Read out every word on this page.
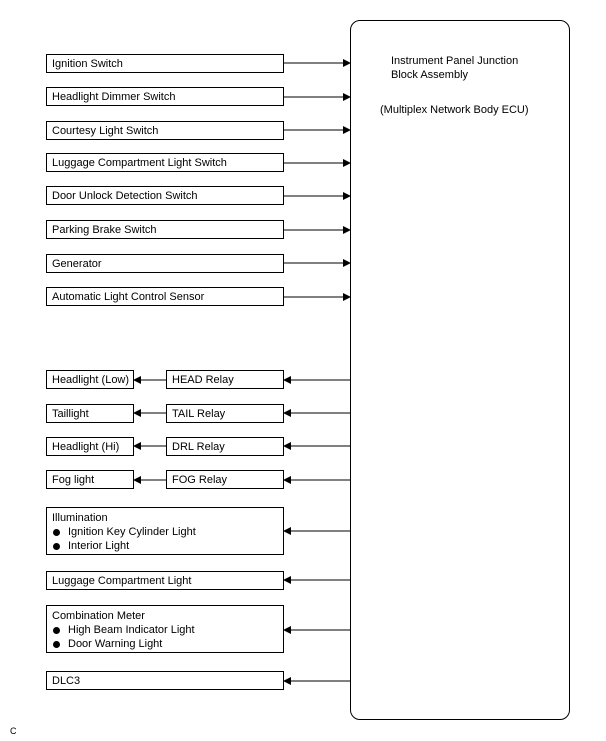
Instrument Panel Junction
Block Assembly
(Multiplex Network Body ECU)
Ignition Switch
Headlight Dimmer Switch
Courtesy Light Switch
Luggage Compartment Light Switch
Door Unlock Detection Switch
Parking Brake Switch
Generator
Automatic Light Control Sensor
Headlight (Low)
Taillight
Headlight (Hi)
Fog light
HEAD Relay
TAIL Relay
DRL Relay
FOG Relay
Illumination
Ignition Key Cylinder Light
Interior Light
Luggage Compartment Light
Combination Meter
High Beam Indicator Light
Door Warning Light
DLC3
C
